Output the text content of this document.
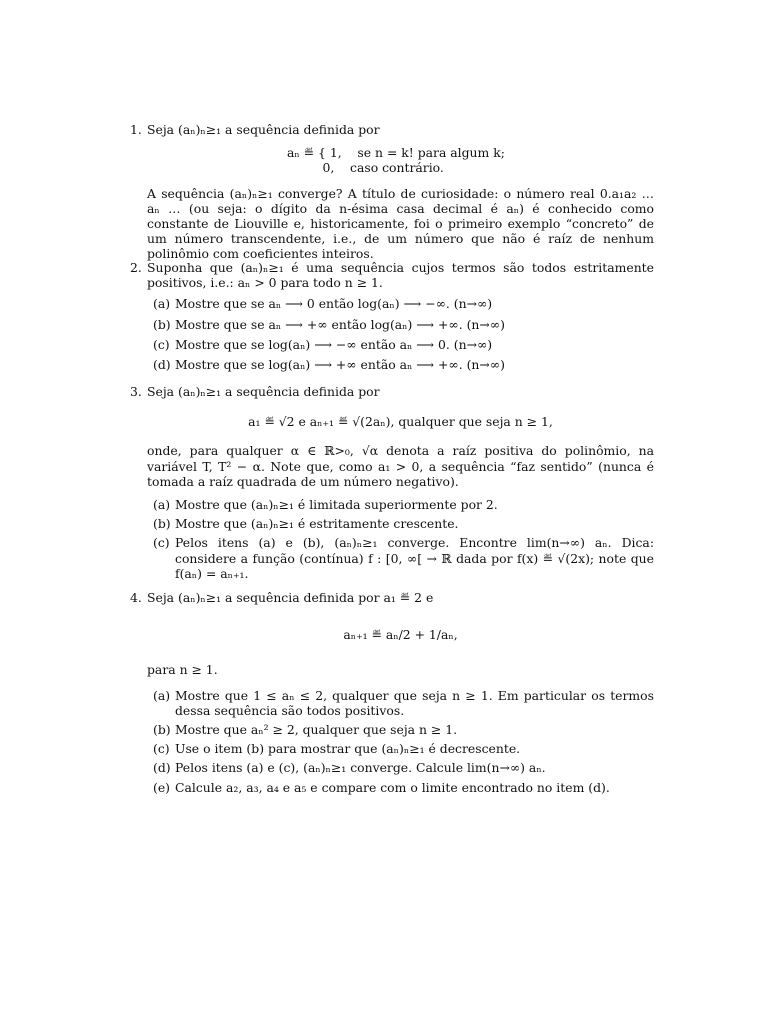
1. Seja (aₙ)ₙ≥₁ a sequência definida por

aₙ ≝ { 1,    se n = k! para algum k;
0,    caso contrário.

A sequência (aₙ)ₙ≥₁ converge? A título de curiosidade: o número real 0.a₁a₂ … aₙ … (ou seja: o dígito da n-ésima casa decimal é aₙ) é conhecido como constante de Liouville e, historicamente, foi o primeiro exemplo “concreto” de um número transcendente, i.e., de um número que não é raíz de nenhum polinômio com coeficientes inteiros.

2. Suponha que (aₙ)ₙ≥₁ é uma sequência cujos termos são todos estritamente positivos, i.e.: aₙ > 0 para todo n ≥ 1.

(a) Mostre que se aₙ ⟶ 0 então log(aₙ) ⟶ −∞. (n→∞)
(b) Mostre que se aₙ ⟶ +∞ então log(aₙ) ⟶ +∞. (n→∞)
(c) Mostre que se log(aₙ) ⟶ −∞ então aₙ ⟶ 0. (n→∞)
(d) Mostre que se log(aₙ) ⟶ +∞ então aₙ ⟶ +∞. (n→∞)
3. Seja (aₙ)ₙ≥₁ a sequência definida por

a₁ ≝ √2 e aₙ₊₁ ≝ √(2aₙ), qualquer que seja n ≥ 1,

onde, para qualquer α ∈ ℝ>₀, √α denota a raíz positiva do polinômio, na variável T, T² − α. Note que, como a₁ > 0, a sequência “faz sentido” (nunca é tomada a raíz quadrada de um número negativo).

(a) Mostre que (aₙ)ₙ≥₁ é limitada superiormente por 2.
(b) Mostre que (aₙ)ₙ≥₁ é estritamente crescente.
(c) Pelos itens (a) e (b), (aₙ)ₙ≥₁ converge. Encontre lim(n→∞) aₙ. Dica: considere a função (contínua) f : [0, ∞[ → ℝ dada por f(x) ≝ √(2x); note que f(aₙ) = aₙ₊₁.
4. Seja (aₙ)ₙ≥₁ a sequência definida por a₁ ≝ 2 e

aₙ₊₁ ≝ aₙ/2 + 1/aₙ,

para n ≥ 1.

(a) Mostre que 1 ≤ aₙ ≤ 2, qualquer que seja n ≥ 1. Em particular os termos dessa sequência são todos positivos.
(b) Mostre que aₙ² ≥ 2, qualquer que seja n ≥ 1.
(c) Use o item (b) para mostrar que (aₙ)ₙ≥₁ é decrescente.
(d) Pelos itens (a) e (c), (aₙ)ₙ≥₁ converge. Calcule lim(n→∞) aₙ.
(e) Calcule a₂, a₃, a₄ e a₅ e compare com o limite encontrado no item (d).
